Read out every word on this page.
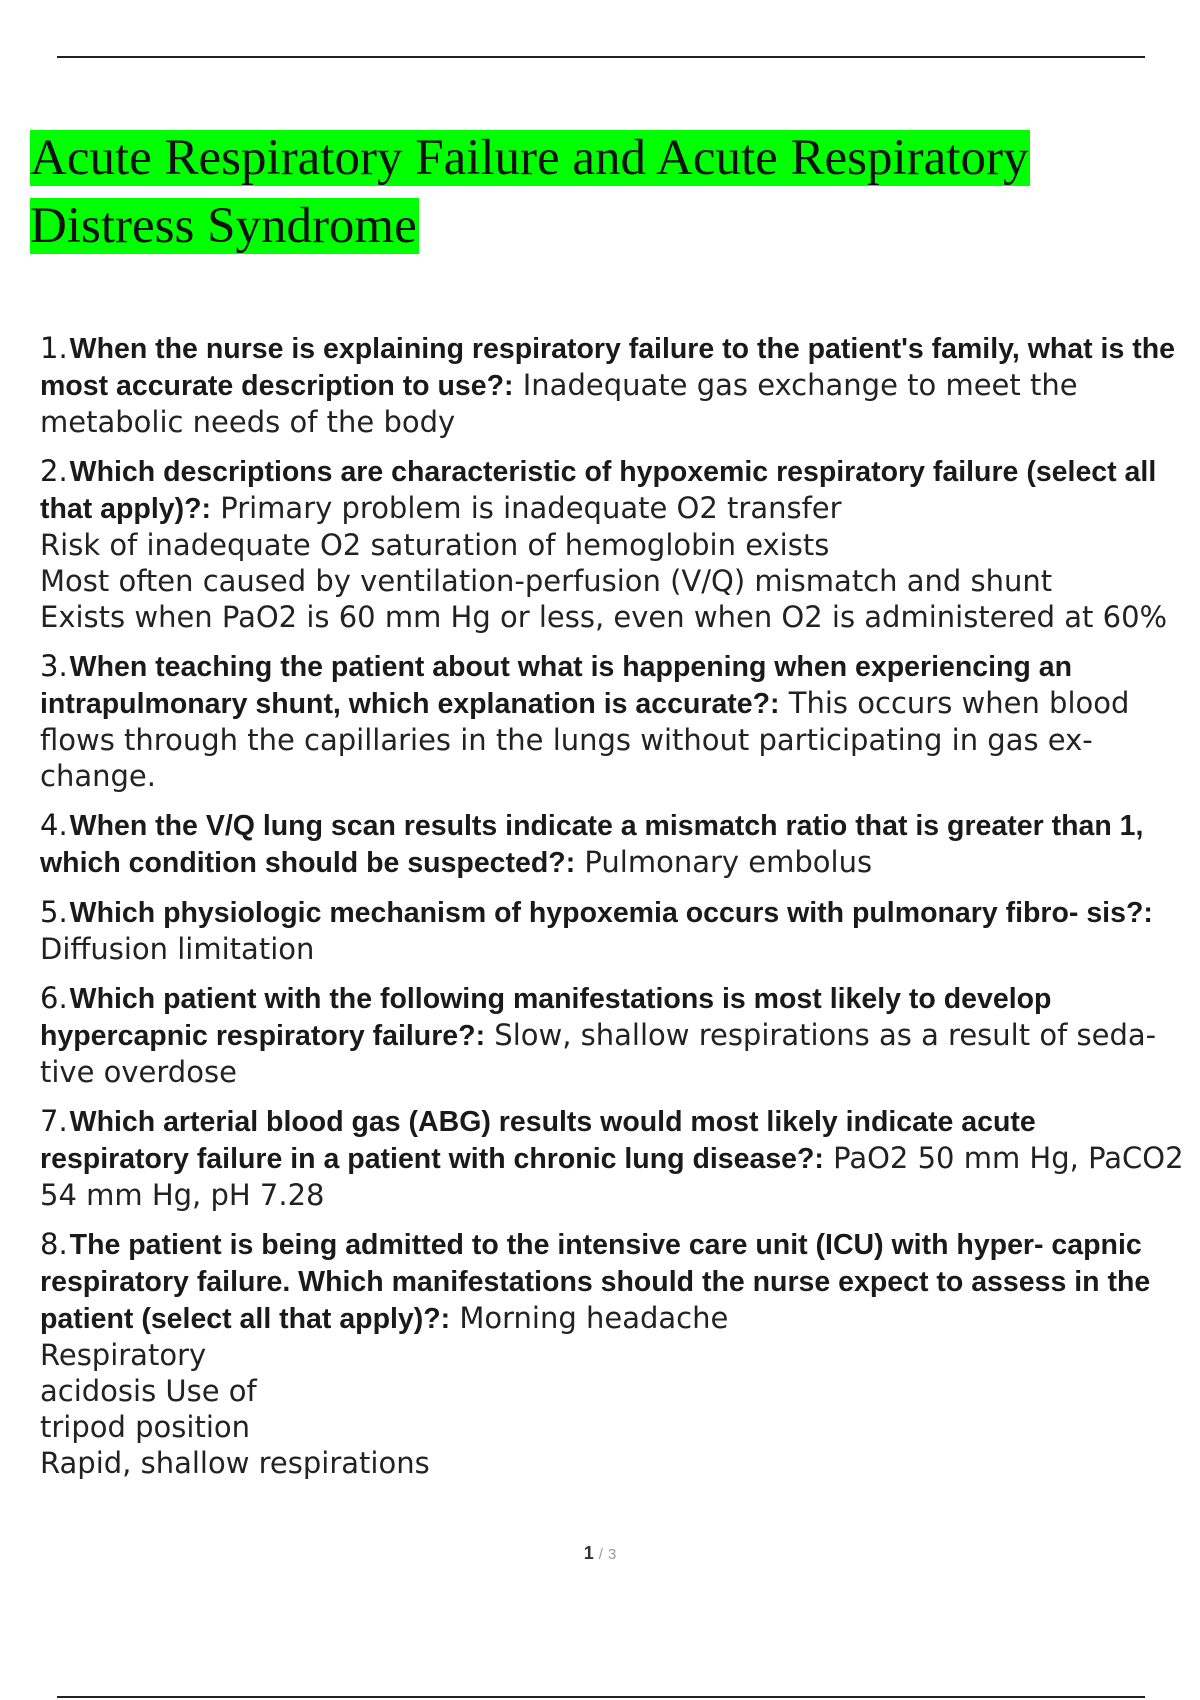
Acute Respiratory Failure and Acute Respiratory
Distress Syndrome
1.When the nurse is explaining respiratory failure to the patient's family, what is the most accurate description to use?: Inadequate gas exchange to meet the metabolic needs of the body
2.Which descriptions are characteristic of hypoxemic respiratory failure (select all that apply)?: Primary problem is inadequate O2 transfer
Risk of inadequate O2 saturation of hemoglobin exists
Most often caused by ventilation-perfusion (V/Q) mismatch and shunt
Exists when PaO2 is 60 mm Hg or less, even when O2 is administered at 60%
3.When teaching the patient about what is happening when experiencing an intrapulmonary shunt, which explanation is accurate?: This occurs when blood flows through the capillaries in the lungs without participating in gas ex- change.
4.When the V/Q lung scan results indicate a mismatch ratio that is greater than 1, which condition should be suspected?: Pulmonary embolus
5.Which physiologic mechanism of hypoxemia occurs with pulmonary fibro- sis?: Diffusion limitation
6.Which patient with the following manifestations is most likely to develop hypercapnic respiratory failure?: Slow, shallow respirations as a result of seda- tive overdose
7.Which arterial blood gas (ABG) results would most likely indicate acute respiratory failure in a patient with chronic lung disease?: PaO2 50 mm Hg, PaCO2 54 mm Hg, pH 7.28
8.The patient is being admitted to the intensive care unit (ICU) with hyper- capnic respiratory failure. Which manifestations should the nurse expect to assess in the patient (select all that apply)?: Morning headache
Respiratory
acidosis Use of
tripod position
Rapid, shallow respirations
1 / 3
